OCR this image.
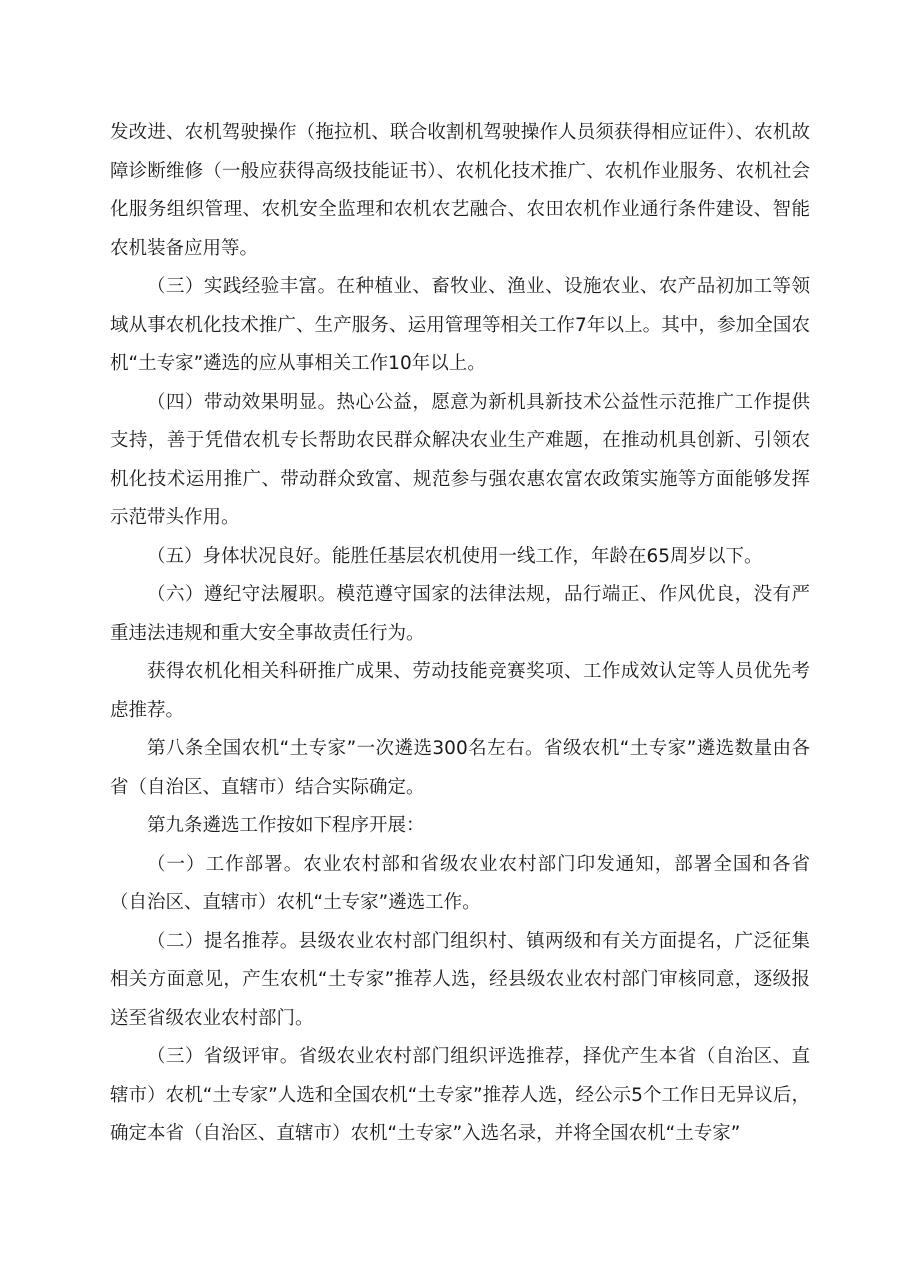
发改进、农机驾驶操作（拖拉机、联合收割机驾驶操作人员须获得相应证件）、农机故障诊断维修（一般应获得高级技能证书）、农机化技术推广、农机作业服务、农机社会化服务组织管理、农机安全监理和农机农艺融合、农田农机作业通行条件建设、智能农机装备应用等。

（三）实践经验丰富。在种植业、畜牧业、渔业、设施农业、农产品初加工等领域从事农机化技术推广、生产服务、运用管理等相关工作7年以上。其中，参加全国农机“土专家”遴选的应从事相关工作10年以上。

（四）带动效果明显。热心公益，愿意为新机具新技术公益性示范推广工作提供支持，善于凭借农机专长帮助农民群众解决农业生产难题，在推动机具创新、引领农机化技术运用推广、带动群众致富、规范参与强农惠农富农政策实施等方面能够发挥示范带头作用。

（五）身体状况良好。能胜任基层农机使用一线工作，年龄在65周岁以下。

（六）遵纪守法履职。模范遵守国家的法律法规，品行端正、作风优良，没有严重违法违规和重大安全事故责任行为。

获得农机化相关科研推广成果、劳动技能竞赛奖项、工作成效认定等人员优先考虑推荐。

第八条全国农机“土专家”一次遴选300名左右。省级农机“土专家”遴选数量由各省（自治区、直辖市）结合实际确定。

第九条遴选工作按如下程序开展：

（一）工作部署。农业农村部和省级农业农村部门印发通知，部署全国和各省（自治区、直辖市）农机“土专家”遴选工作。

（二）提名推荐。县级农业农村部门组织村、镇两级和有关方面提名，广泛征集相关方面意见，产生农机“土专家”推荐人选，经县级农业农村部门审核同意，逐级报送至省级农业农村部门。

（三）省级评审。省级农业农村部门组织评选推荐，择优产生本省（自治区、直辖市）农机“土专家”人选和全国农机“土专家”推荐人选，经公示5个工作日无异议后，确定本省（自治区、直辖市）农机“土专家”入选名录，并将全国农机“土专家”
